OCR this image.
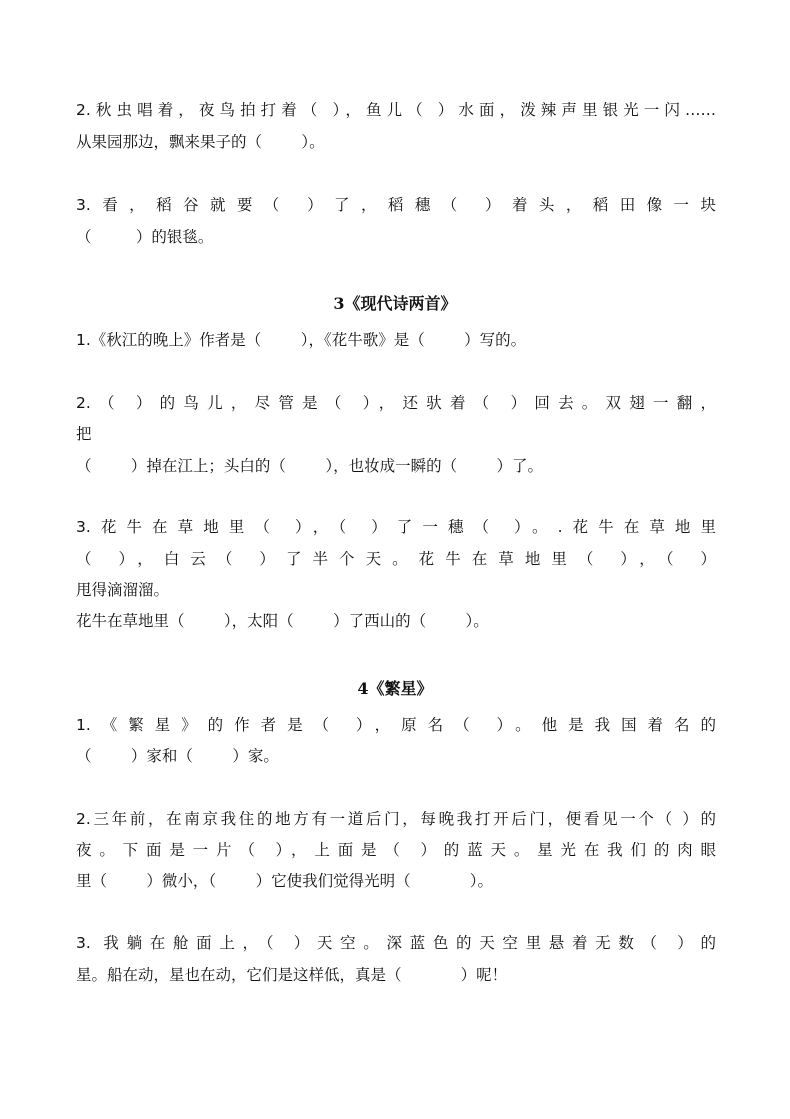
2.秋虫唱着，夜鸟拍打着（ ），鱼儿（ ）水面，泼辣声里银光一闪……
从果园那边，飘来果子的（        ）。
3.看，稻谷就要（ ）了，稻穗（ ）着头，稻田像一块
（         ）的银毯。
3《现代诗两首》
1.《秋江的晚上》作者是（        ），《花牛歌》是（        ）写的。
2.（ ）的鸟儿，尽管是（ ），还驮着（ ）回去。双翅一翻，
把
（        ）掉在江上；头白的（        ），也妆成一瞬的（        ）了。
3.花牛在草地里（ ），（ ）了一穗（ ）。.花牛在草地里
（ ），白云（ ）了半个天。花牛在草地里（ ），（ ）
甩得滴溜溜。
花牛在草地里（        ），太阳（        ）了西山的（        ）。
4《繁星》
1.《繁星》的作者是（ ），原名（ ）。他是我国着名的
（        ）家和（        ）家。
2.三年前，在南京我住的地方有一道后门，每晚我打开后门，便看见一个（ ）的
夜。下面是一片（ ），上面是（ ）的蓝天。星光在我们的肉眼
里（        ）微小，（        ）它使我们觉得光明（            ）。
3. 我躺在舱面上，（ ）天空。深蓝色的天空里悬着无数（ ）的
星。船在动，星也在动，它们是这样低，真是（            ）呢！
